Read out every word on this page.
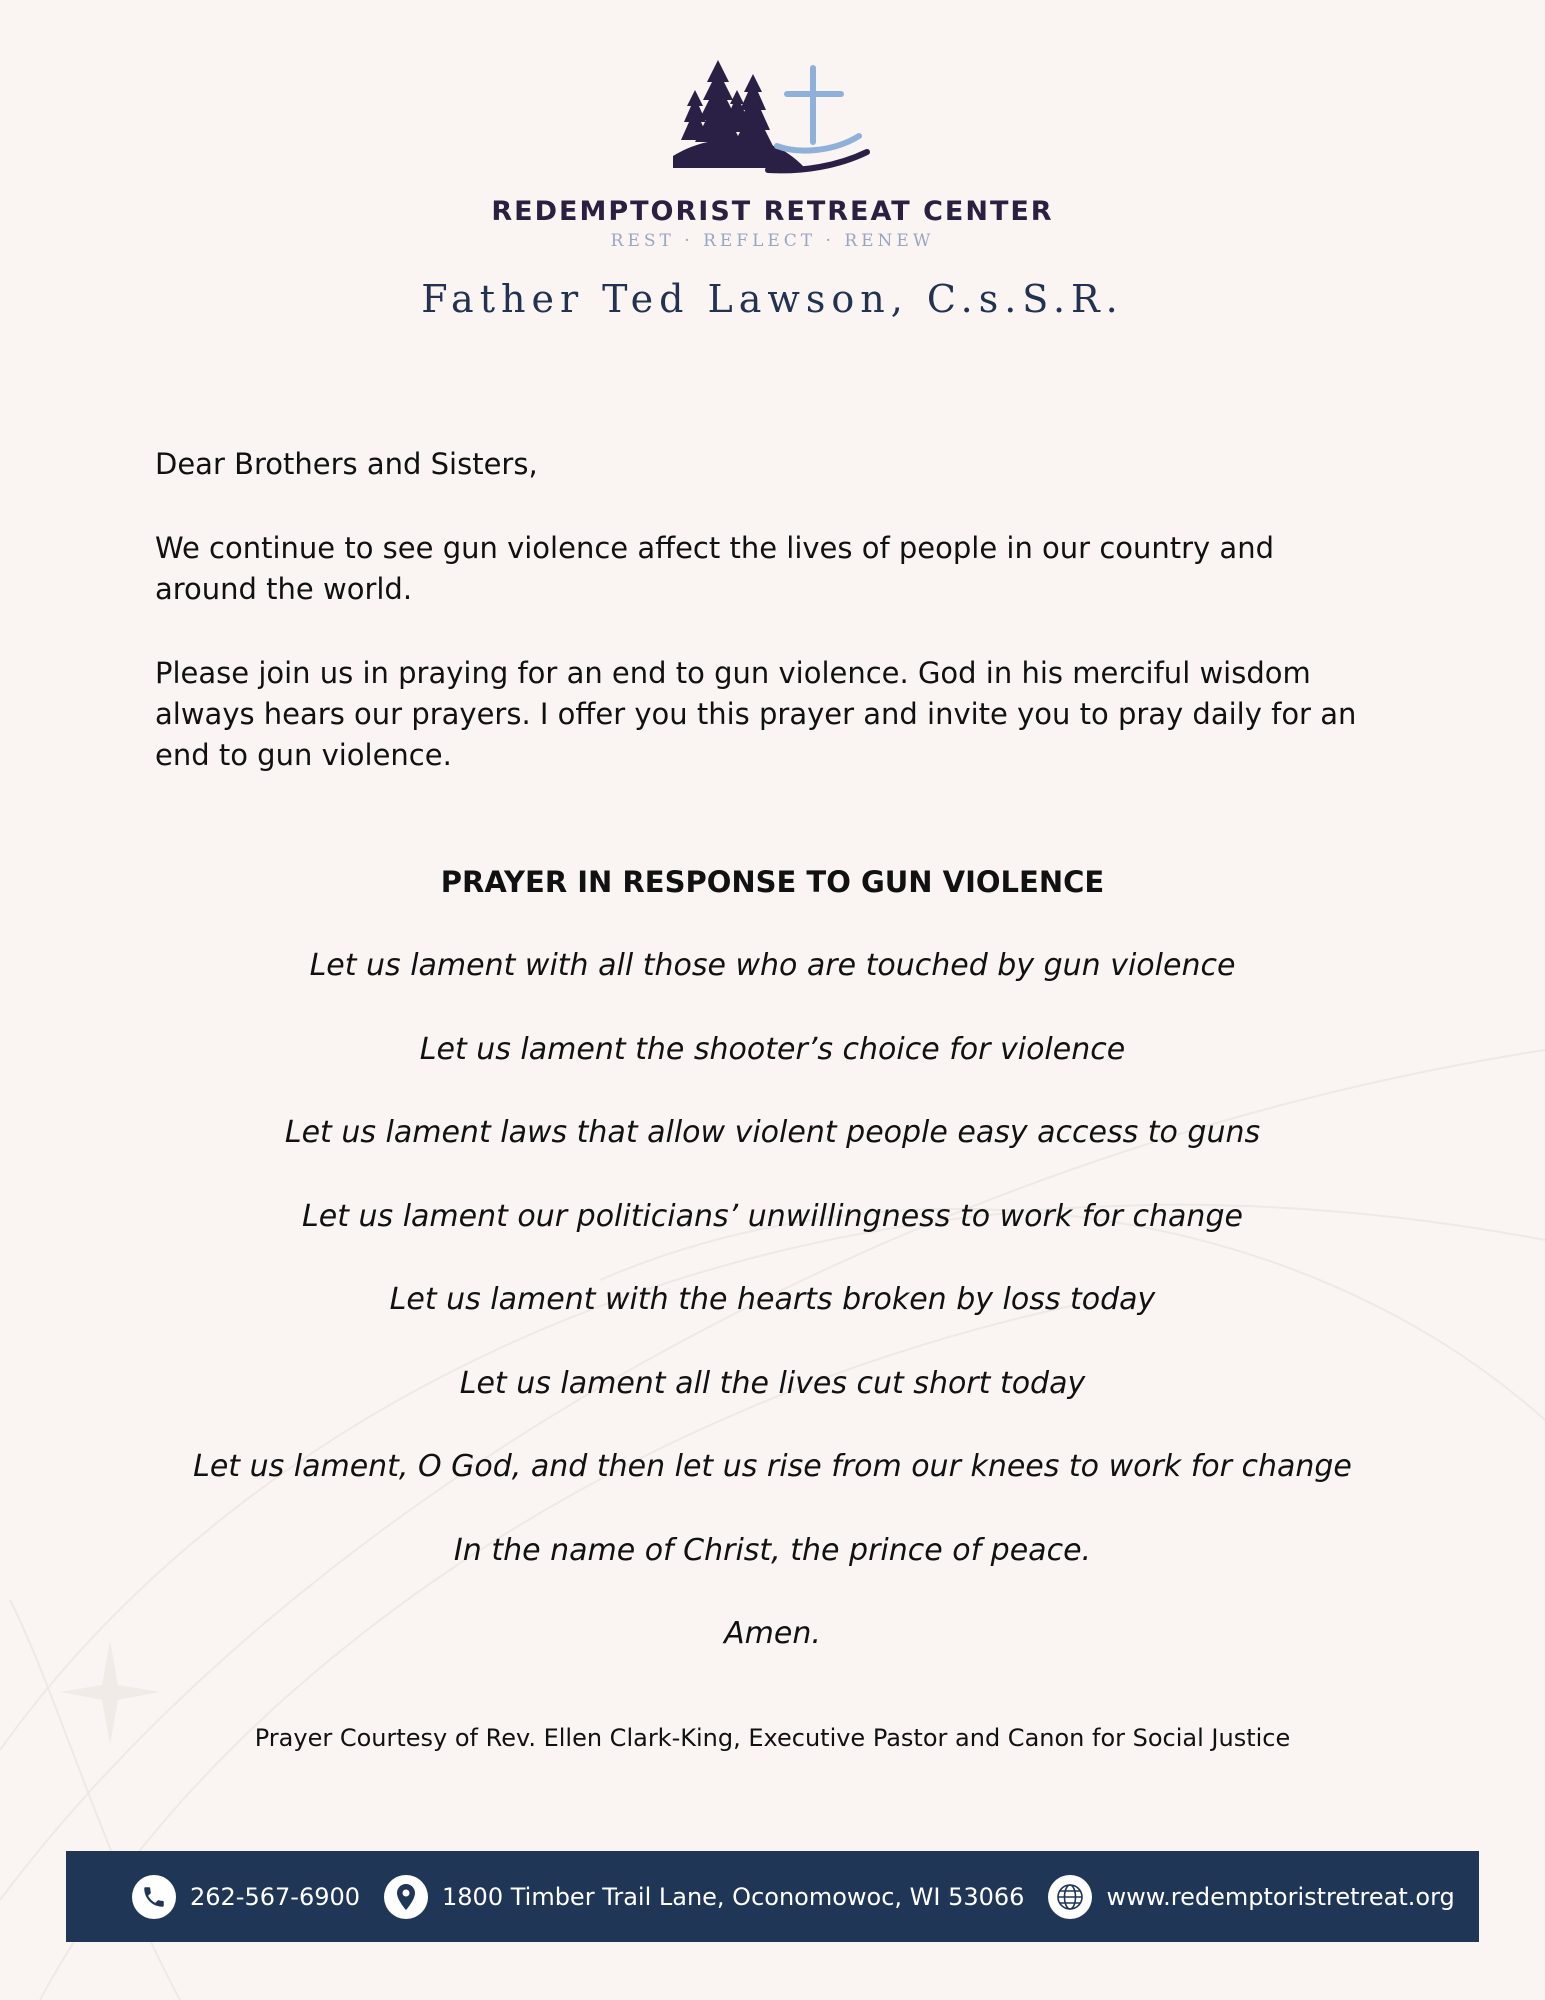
REDEMPTORIST RETREAT CENTER
REST · REFLECT · RENEW
Father Ted Lawson, C.s.S.R.

Dear Brothers and Sisters,

We continue to see gun violence affect the lives of people in our country and around the world.

Please join us in praying for an end to gun violence. God in his merciful wisdom always hears our prayers. I offer you this prayer and invite you to pray daily for an end to gun violence.

PRAYER IN RESPONSE TO GUN VIOLENCE
Let us lament with all those who are touched by gun violence
Let us lament the shooter’s choice for violence
Let us lament laws that allow violent people easy access to guns
Let us lament our politicians’ unwillingness to work for change
Let us lament with the hearts broken by loss today
Let us lament all the lives cut short today
Let us lament, O God, and then let us rise from our knees to work for change
In the name of Christ, the prince of peace.
Amen.
Prayer Courtesy of Rev. Ellen Clark-King, Executive Pastor and Canon for Social Justice
262-567-6900	1800 Timber Trail Lane, Oconomowoc, WI 53066	www.redemptoristretreat.org
